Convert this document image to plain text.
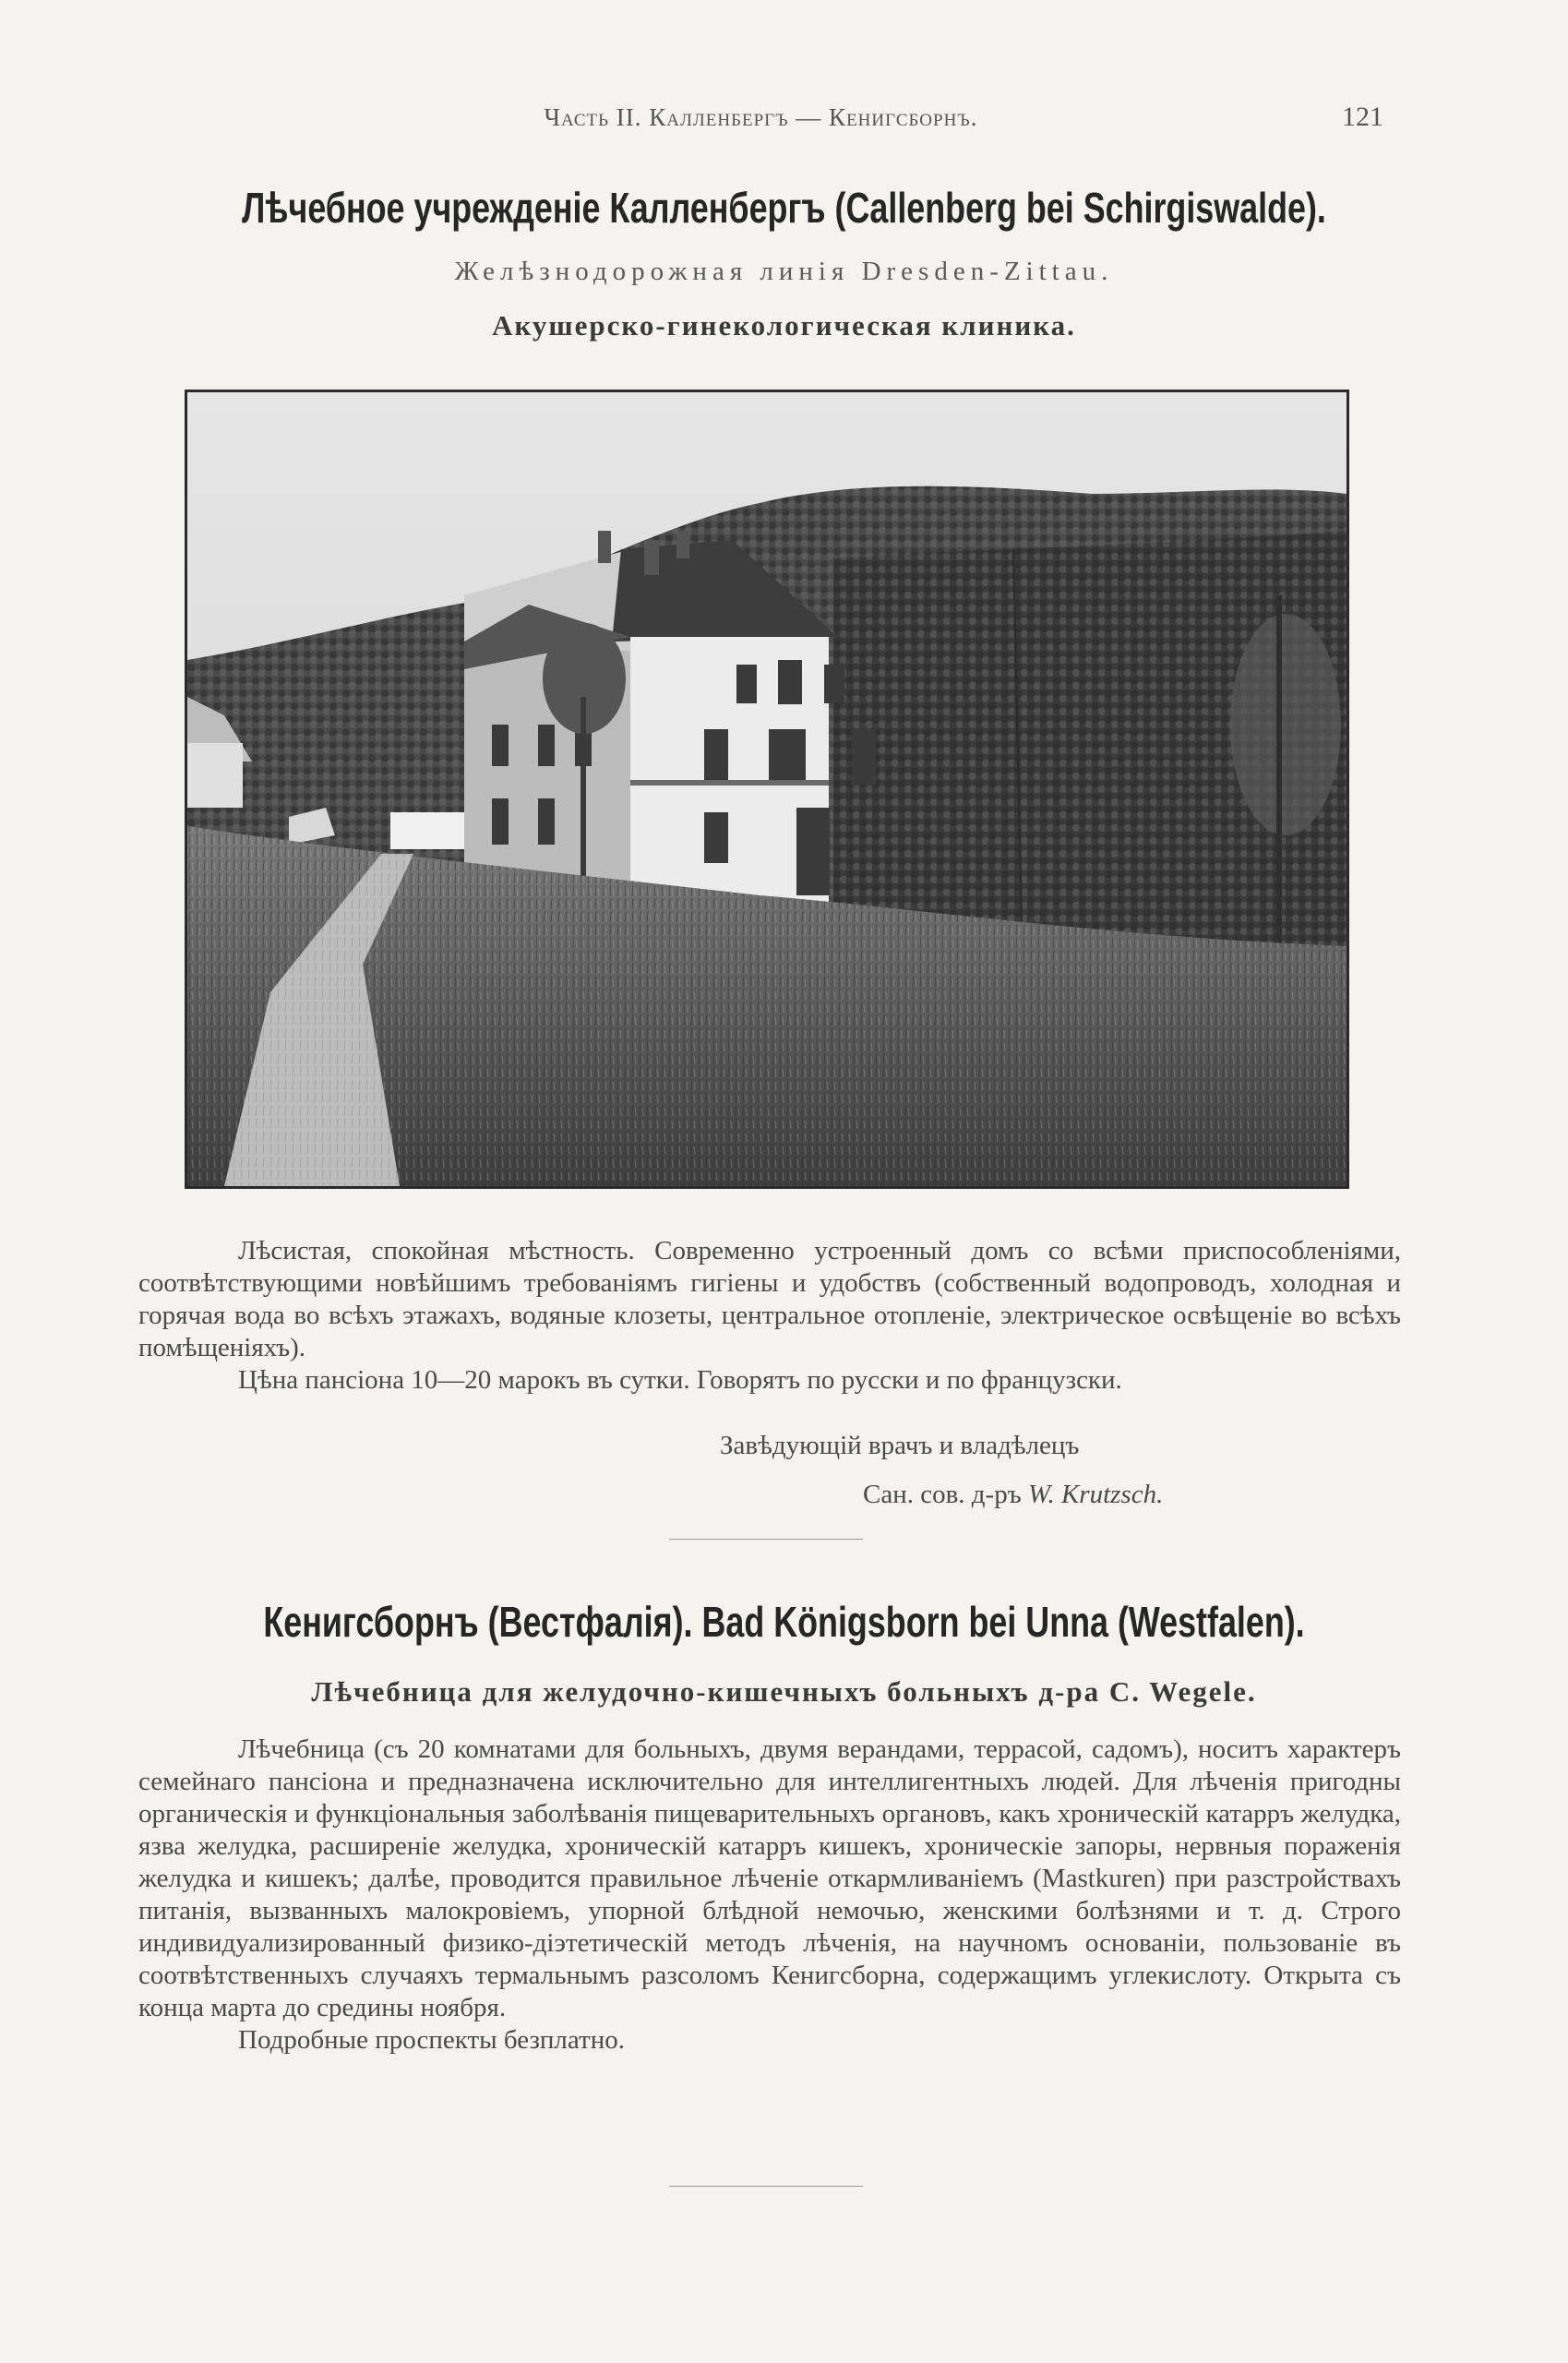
Часть II. Калленбергъ — Кенигсборнъ.	121
Лѣчебное учрежденіе Калленбергъ (Callenberg bei Schirgiswalde).
Желѣзнодорожная линія Dresden-Zittau.
Акушерско-гинекологическая клиника.

Лѣсистая, спокойная мѣстность. Современно устроенный домъ со всѣми приспособленіями, соотвѣтствующими новѣйшимъ требованіямъ гигіены и удобствъ (собственный водопроводъ, холодная и горячая вода во всѣхъ этажахъ, водяные клозеты, центральное отопленіе, электрическое освѣщеніе во всѣхъ помѣщеніяхъ).

Цѣна пансіона 10—20 марокъ въ сутки. Говорятъ по русски и по французски.

Завѣдующій врачъ и владѣлецъ
Сан. сов. д-ръ W. Krutzsch.
Кенигсборнъ (Вестфалія). Bad Königsborn bei Unna (Westfalen).
Лѣчебница для желудочно-кишечныхъ больныхъ д-ра C. Wegele.

Лѣчебница (съ 20 комнатами для больныхъ, двумя верандами, террасой, садомъ), носитъ характеръ семейнаго пансіона и предназначена исключительно для интеллигентныхъ людей. Для лѣченія пригодны органическія и функціональныя заболѣванія пищеварительныхъ органовъ, какъ хроническій катарръ желудка, язва желудка, расширеніе желудка, хроническій катарръ кишекъ, хроническіе запоры, нервныя пораженія желудка и кишекъ; далѣе, проводится правильное лѣченіе откармливаніемъ (Mastkuren) при разстройствахъ питанія, вызванныхъ малокровіемъ, упорной блѣдной немочью, женскими болѣзнями и т. д. Строго индивидуализированный физико-діэтетическій методъ лѣченія, на научномъ основаніи, пользованіе въ соотвѣтственныхъ случаяхъ термальнымъ разсоломъ Кенигсборна, содержащимъ углекислоту. Открыта съ конца марта до средины ноября.

Подробные проспекты безплатно.
